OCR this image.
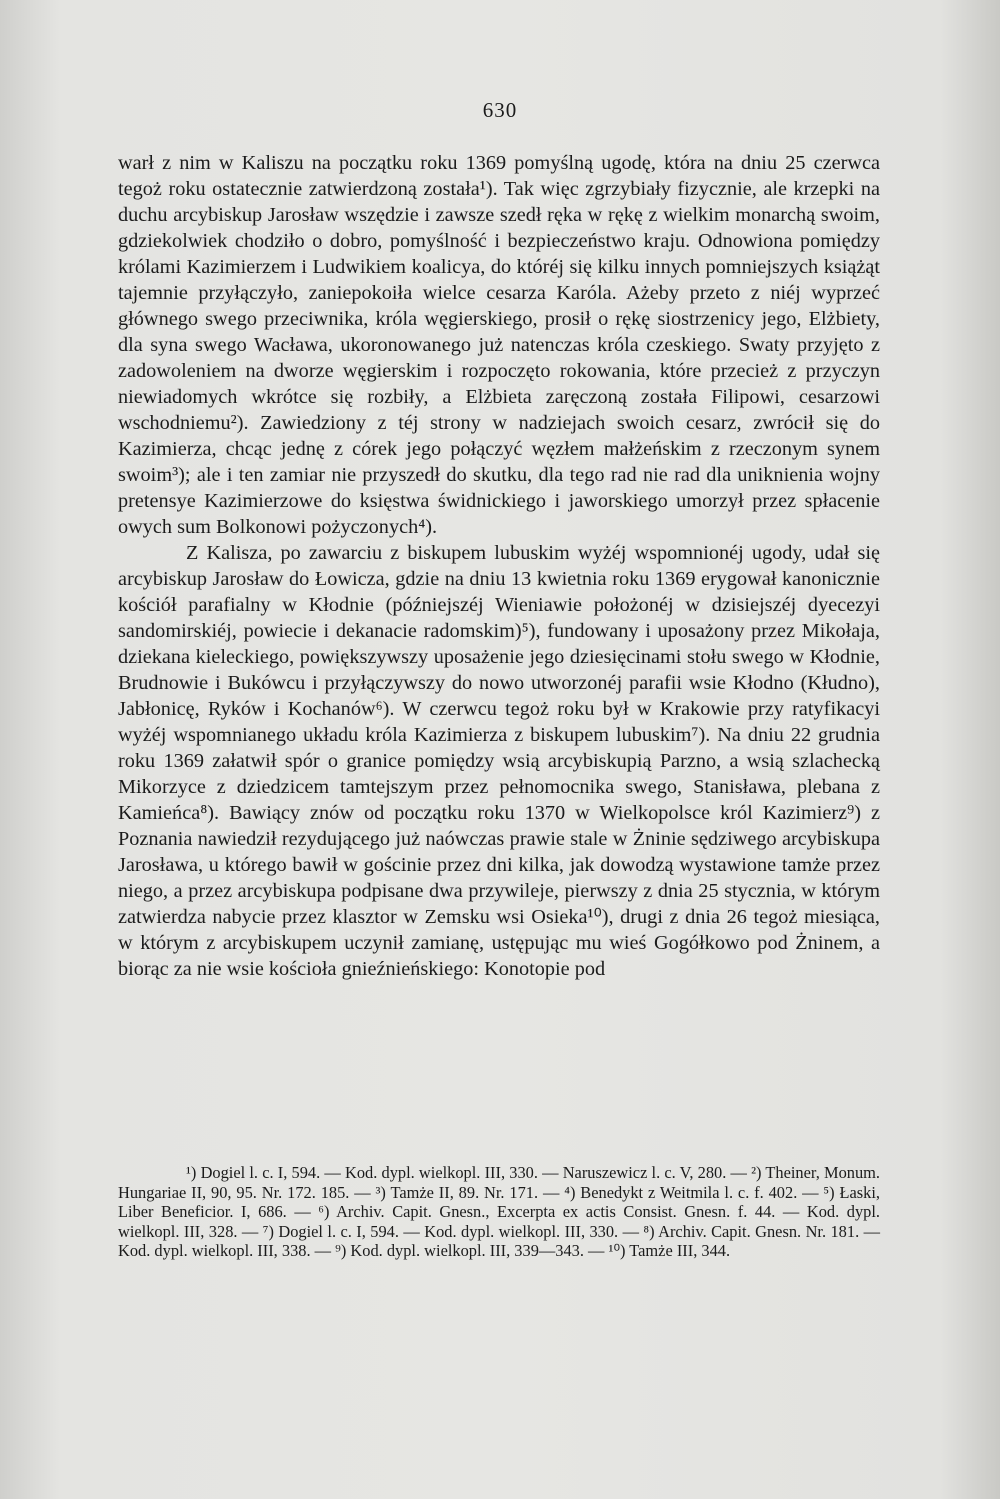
630

warł z nim w Kaliszu na początku roku 1369 pomyślną ugodę, która na dniu 25 czerwca tegoż roku ostatecznie zatwierdzoną została¹). Tak więc zgrzybiały fizycznie, ale krzepki na duchu arcybiskup Jarosław wszędzie i zawsze szedł ręka w rękę z wielkim monarchą swoim, gdziekolwiek chodziło o dobro, pomyślność i bezpieczeństwo kraju. Odnowiona pomiędzy królami Kazimierzem i Ludwikiem koalicya, do któréj się kilku innych pomniejszych książąt tajemnie przyłączyło, zaniepokoiła wielce cesarza Karóla. Ażeby przeto z niéj wyprzeć głównego swego przeciwnika, króla węgierskiego, prosił o rękę siostrzenicy jego, Elżbiety, dla syna swego Wacława, ukoronowanego już natenczas króla czeskiego. Swaty przyjęto z zadowoleniem na dworze węgierskim i rozpoczęto rokowania, które przecież z przyczyn niewiadomych wkrótce się rozbiły, a Elżbieta zaręczoną została Filipowi, cesarzowi wschodniemu²). Zawiedziony z téj strony w nadziejach swoich cesarz, zwrócił się do Kazimierza, chcąc jednę z córek jego połączyć węzłem małżeńskim z rzeczonym synem swoim³); ale i ten zamiar nie przyszedł do skutku, dla tego rad nie rad dla uniknienia wojny pretensye Kazimierzowe do księstwa świdnickiego i jaworskiego umorzył przez spłacenie owych sum Bolkonowi pożyczonych⁴).

Z Kalisza, po zawarciu z biskupem lubuskim wyżéj wspomnionéj ugody, udał się arcybiskup Jarosław do Łowicza, gdzie na dniu 13 kwietnia roku 1369 erygował kanonicznie kościół parafialny w Kłodnie (późniejszéj Wieniawie położonéj w dzisiejszéj dyecezyi sandomirskiéj, powiecie i dekanacie radomskim)⁵), fundowany i uposażony przez Mikołaja, dziekana kieleckiego, powiększywszy uposażenie jego dziesięcinami stołu swego w Kłodnie, Brudnowie i Bukówcu i przyłączywszy do nowo utworzonéj parafii wsie Kłodno (Kłudno), Jabłonicę, Ryków i Kochanów⁶). W czerwcu tegoż roku był w Krakowie przy ratyfikacyi wyżéj wspomnianego układu króla Kazimierza z biskupem lubuskim⁷). Na dniu 22 grudnia roku 1369 załatwił spór o granice pomiędzy wsią arcybiskupią Parzno, a wsią szlachecką Mikorzyce z dziedzicem tamtejszym przez pełnomocnika swego, Stanisława, plebana z Kamieńca⁸). Bawiący znów od początku roku 1370 w Wielkopolsce król Kazimierz⁹) z Poznania nawiedził rezydującego już naówczas prawie stale w Żninie sędziwego arcybiskupa Jarosława, u którego bawił w gościnie przez dni kilka, jak dowodzą wystawione tamże przez niego, a przez arcybiskupa podpisane dwa przywileje, pierwszy z dnia 25 stycznia, w którym zatwierdza nabycie przez klasztor w Zemsku wsi Osieka¹⁰), drugi z dnia 26 tegoż miesiąca, w którym z arcybiskupem uczynił zamianę, ustępując mu wieś Gogółkowo pod Żninem, a biorąc za nie wsie kościoła gnieźnieńskiego: Konotopie pod

¹) Dogiel l. c. I, 594. — Kod. dypl. wielkopl. III, 330. — Naruszewicz l. c. V, 280. — ²) Theiner, Monum. Hungariae II, 90, 95. Nr. 172. 185. — ³) Tamże II, 89. Nr. 171. — ⁴) Benedykt z Weitmila l. c. f. 402. — ⁵) Łaski, Liber Beneficior. I, 686. — ⁶) Archiv. Capit. Gnesn., Excerpta ex actis Consist. Gnesn. f. 44. — Kod. dypl. wielkopl. III, 328. — ⁷) Dogiel l. c. I, 594. — Kod. dypl. wielkopl. III, 330. — ⁸) Archiv. Capit. Gnesn. Nr. 181. — Kod. dypl. wielkopl. III, 338. — ⁹) Kod. dypl. wielkopl. III, 339—343. — ¹⁰) Tamże III, 344.
